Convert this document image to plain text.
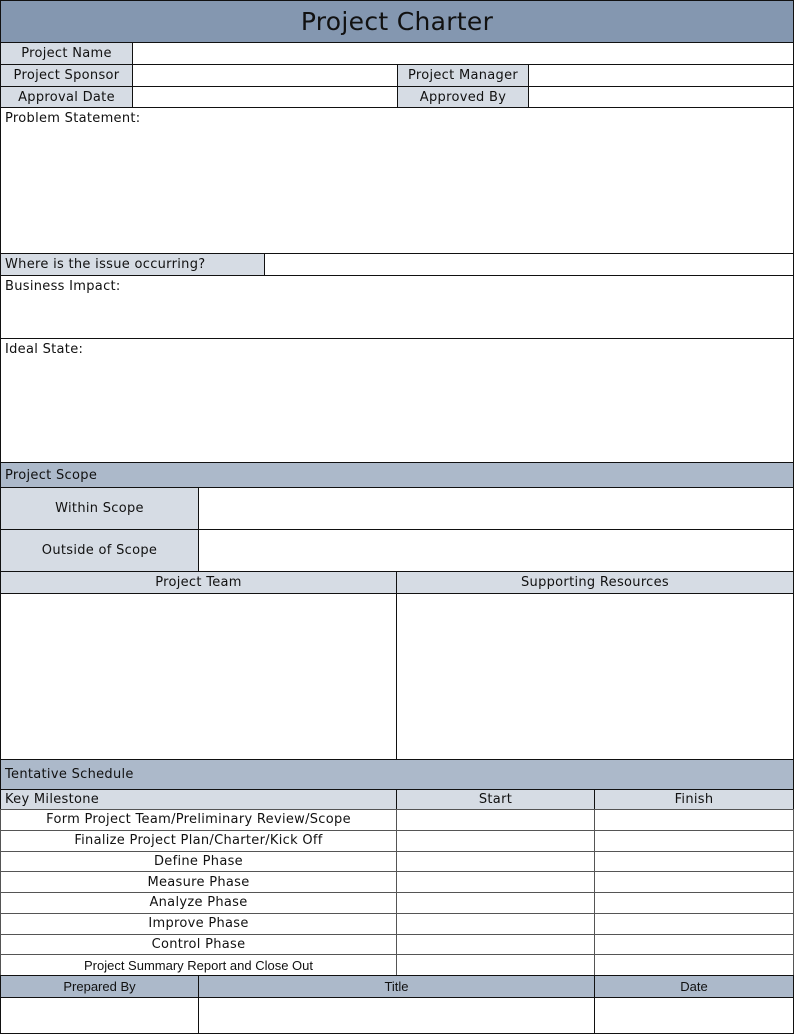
Project Charter
Project Name
Project Sponsor	Project Manager
Approval Date	Approved By
Problem Statement:
Where is the issue occurring?
Business Impact:
Ideal State:
Project Scope
Within Scope
Outside of Scope
Project Team	Supporting Resources
Tentative Schedule
Key Milestone	Start	Finish
Form Project Team/Preliminary Review/Scope
Finalize Project Plan/Charter/Kick Off
Define Phase
Measure Phase
Analyze Phase
Improve Phase
Control Phase
Project Summary Report and Close Out
Prepared By	Title	Date
